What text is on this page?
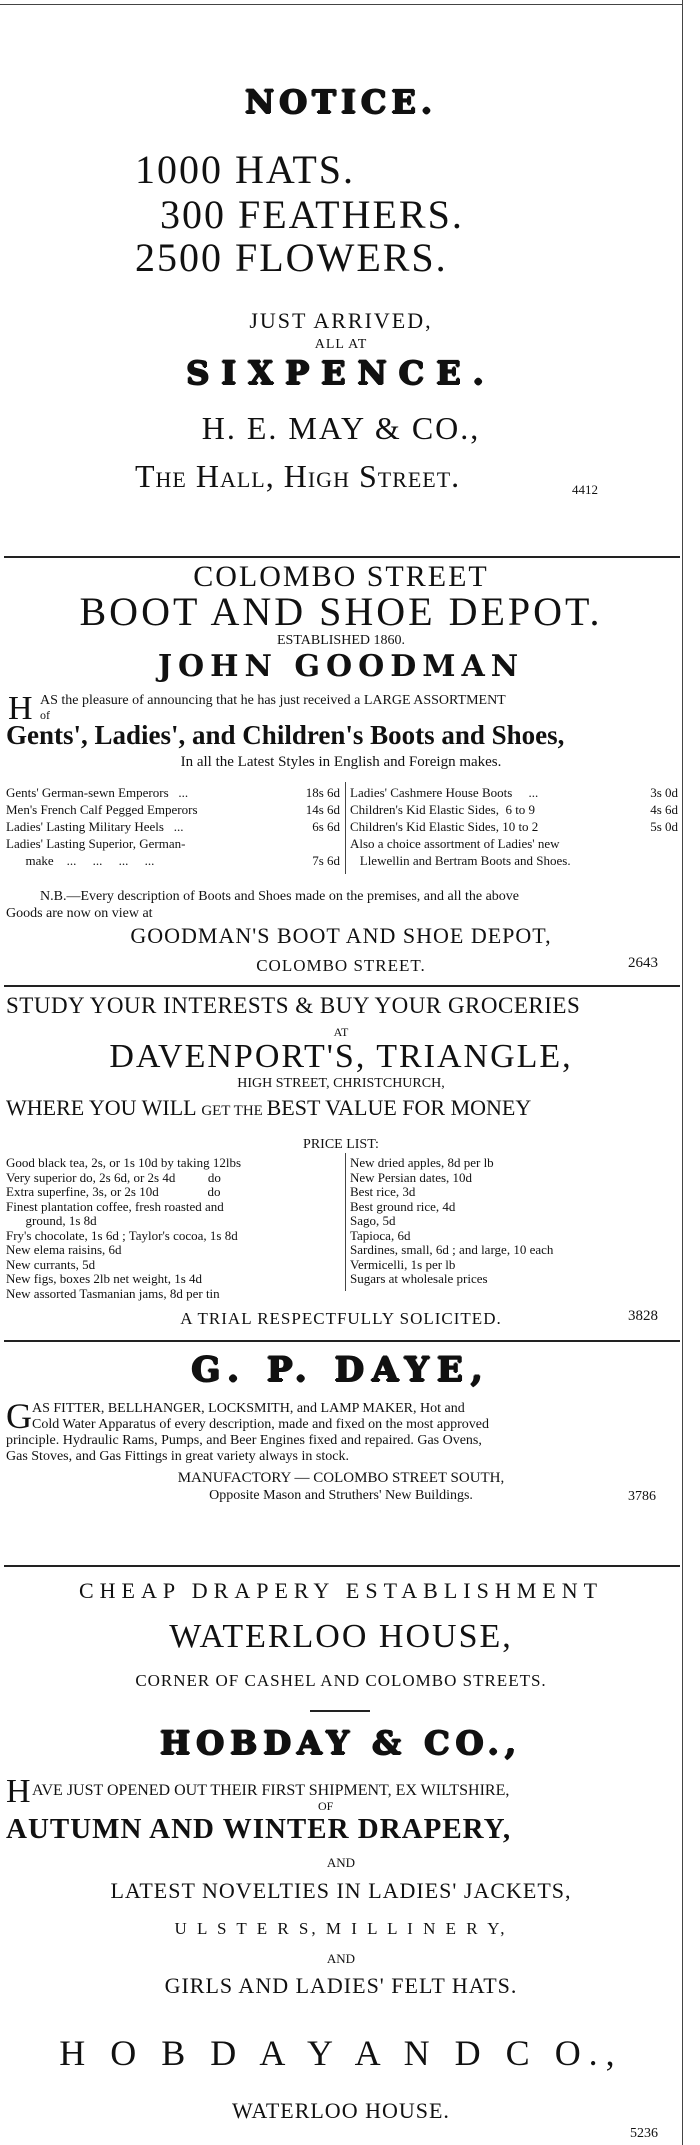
NOTICE.
1000 HATS.
300 FEATHERS.
2500 FLOWERS.
JUST ARRIVED,
ALL AT
SIXPENCE.
H. E. MAY & CO.,
The Hall, High Street.	4412
COLOMBO STREET
BOOT AND SHOE DEPOT.
ESTABLISHED 1860.
JOHN GOODMAN
H AS the pleasure of announcing that he has just received a LARGE ASSORTMENT
of
Gents', Ladies', and Children's Boots and Shoes,
In all the Latest Styles in English and Foreign makes.
Gents' German-sewn Emperors   ...	18s 6d
Men's French Calf Pegged Emperors	14s 6d
Ladies' Lasting Military Heels   ...	6s 6d
Ladies' Lasting Superior, German-
make    ...     ...     ...     ...	7s 6d
Ladies' Cashmere House Boots     ...	3s 0d
Children's Kid Elastic Sides,  6 to 9	4s 6d
Children's Kid Elastic Sides, 10 to 2	5s 0d
Also a choice assortment of Ladies' new
Llewellin and Bertram Boots and Shoes.
N.B.—Every description of Boots and Shoes made on the premises, and all the above
Goods are now on view at
GOODMAN'S BOOT AND SHOE DEPOT,
COLOMBO STREET.	2643
STUDY YOUR INTERESTS & BUY YOUR GROCERIES
AT
DAVENPORT'S, TRIANGLE,
HIGH STREET, CHRISTCHURCH,
WHERE YOU WILL GET THE BEST VALUE FOR MONEY
PRICE LIST:
Good black tea, 2s, or 1s 10d by taking 12lbs
Very superior do, 2s 6d, or 2s 4d          do
Extra superfine, 3s, or 2s 10d               do
Finest plantation coffee, fresh roasted and
ground, 1s 8d
Fry's chocolate, 1s 6d ; Taylor's cocoa, 1s 8d
New elema raisins, 6d
New currants, 5d
New figs, boxes 2lb net weight, 1s 4d
New assorted Tasmanian jams, 8d per tin
New dried apples, 8d per lb
New Persian dates, 10d
Best rice, 3d
Best ground rice, 4d
Sago, 5d
Tapioca, 6d
Sardines, small, 6d ; and large, 10 each
Vermicelli, 1s per lb
Sugars at wholesale prices
A TRIAL RESPECTFULLY SOLICITED.	3828
G. P. DAYE,
G AS FITTER, BELLHANGER, LOCKSMITH, and LAMP MAKER, Hot and
Cold Water Apparatus of every description, made and fixed on the most approved
principle. Hydraulic Rams, Pumps, and Beer Engines fixed and repaired. Gas Ovens,
Gas Stoves, and Gas Fittings in great variety always in stock.
MANUFACTORY — COLOMBO STREET SOUTH,
Opposite Mason and Struthers' New Buildings.	3786
CHEAP DRAPERY ESTABLISHMENT
WATERLOO HOUSE,
CORNER OF CASHEL AND COLOMBO STREETS.
HOBDAY & CO.,
H AVE JUST OPENED OUT THEIR FIRST SHIPMENT, EX WILTSHIRE,
OF
AUTUMN AND WINTER DRAPERY,
AND
LATEST NOVELTIES IN LADIES' JACKETS,
U L S T E R S, M I L L I N E R Y,
AND
GIRLS AND LADIES' FELT HATS.
H O B D A Y A N D C O.,
WATERLOO HOUSE.
5236
